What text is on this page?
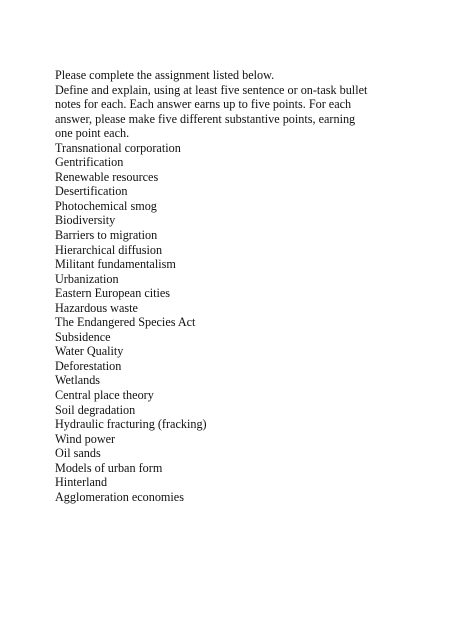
Please complete the assignment listed below.
Define and explain, using at least five sentence or on-task bullet
notes for each. Each answer earns up to five points. For each
answer, please make five different substantive points, earning
one point each.
Transnational corporation
Gentrification
Renewable resources
Desertification
Photochemical smog
Biodiversity
Barriers to migration
Hierarchical diffusion
Militant fundamentalism
Urbanization
Eastern European cities
Hazardous waste
The Endangered Species Act
Subsidence
Water Quality
Deforestation
Wetlands
Central place theory
Soil degradation
Hydraulic fracturing (fracking)
Wind power
Oil sands
Models of urban form
Hinterland
Agglomeration economies
